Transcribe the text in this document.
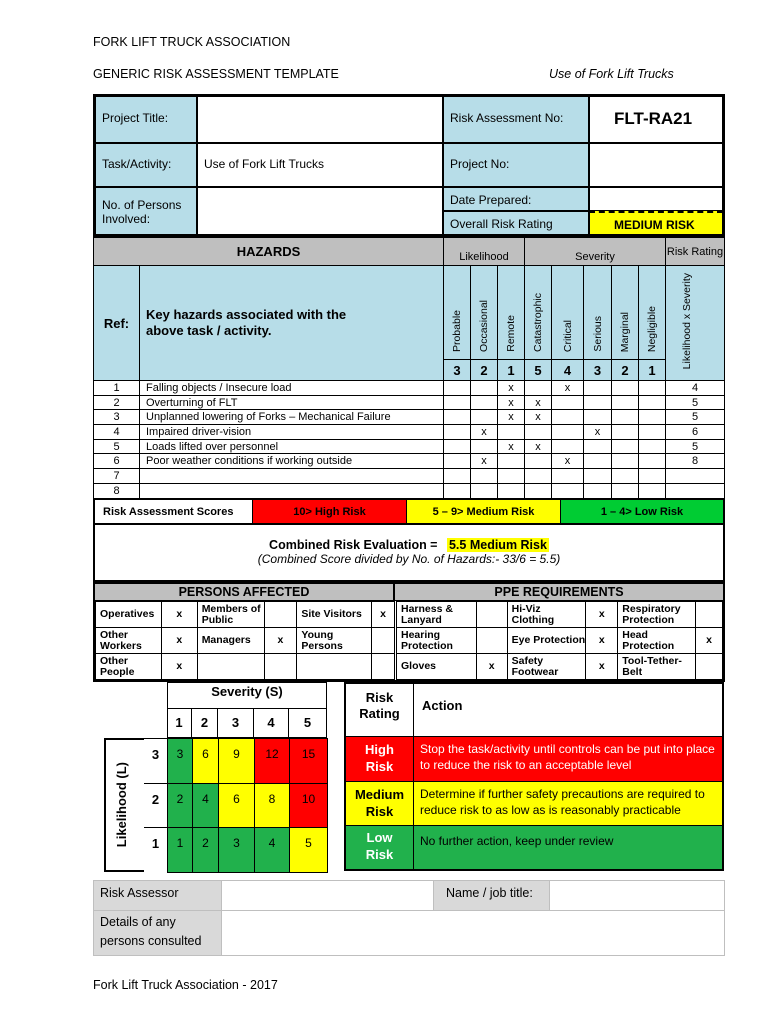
FORK LIFT TRUCK ASSOCIATION
GENERIC RISK ASSESSMENT TEMPLATE	Use of Fork Lift Trucks
Project Title:	Risk Assessment No:	FLT-RA21
Task/Activity:	Use of Fork Lift Trucks	Project No:
No. of Persons Involved:
Date Prepared:
Overall Risk Rating	MEDIUM RISK
HAZARDS		Likelihood			Severity					Risk Rating
Ref:	Key hazards associated with the above task / activity.	Probable	Occasional	Remote	Catastrophic	Critical	Serious	Marginal	Negligible	Likelihood x Severity
		3	2	1	5	4	3	2	1	
1	Falling objects / Insecure load			x		x				4
2	Overturning of FLT			x	x					5
3	Unplanned lowering of Forks – Mechanical Failure			x	x					5
4	Impaired driver-vision		x				x			6
5	Loads lifted over personnel			x	x					5
6	Poor weather conditions if working outside		x			x				8
7										
8										
Risk Assessment Scores	10> High Risk	5 – 9> Medium Risk	1 – 4> Low Risk
Combined Risk Evaluation = 5.5 Medium Risk
(Combined Score divided by No. of Hazards:- 33/6 = 5.5)
PERSONS AFFECTED	PPE REQUIREMENTS
Operatives	x	Members of Public		Site Visitors	x
Other Workers	x	Managers	x	Young Persons	
Other People	x				
Harness & Lanyard		Hi-Viz Clothing	x	Respiratory Protection	
Hearing Protection		Eye Protection	x	Head Protection	x
Gloves	x	Safety Footwear	x	Tool-Tether-Belt	
Severity (S)
Likelihood (L)
1	2	3	4	5
3	3	6	9	12	15
2	2	4	6	8	10
1	1	2	3	4	5
Risk Rating
Action
High Risk
Stop the task/activity until controls can be put into place to reduce the risk to an acceptable level
Medium Risk
Determine if further safety precautions are required to reduce risk to as low as is reasonably practicable
Low Risk
No further action, keep under review
Risk Assessor	Name / job title:
Details of any persons consulted
Fork Lift Truck Association - 2017
